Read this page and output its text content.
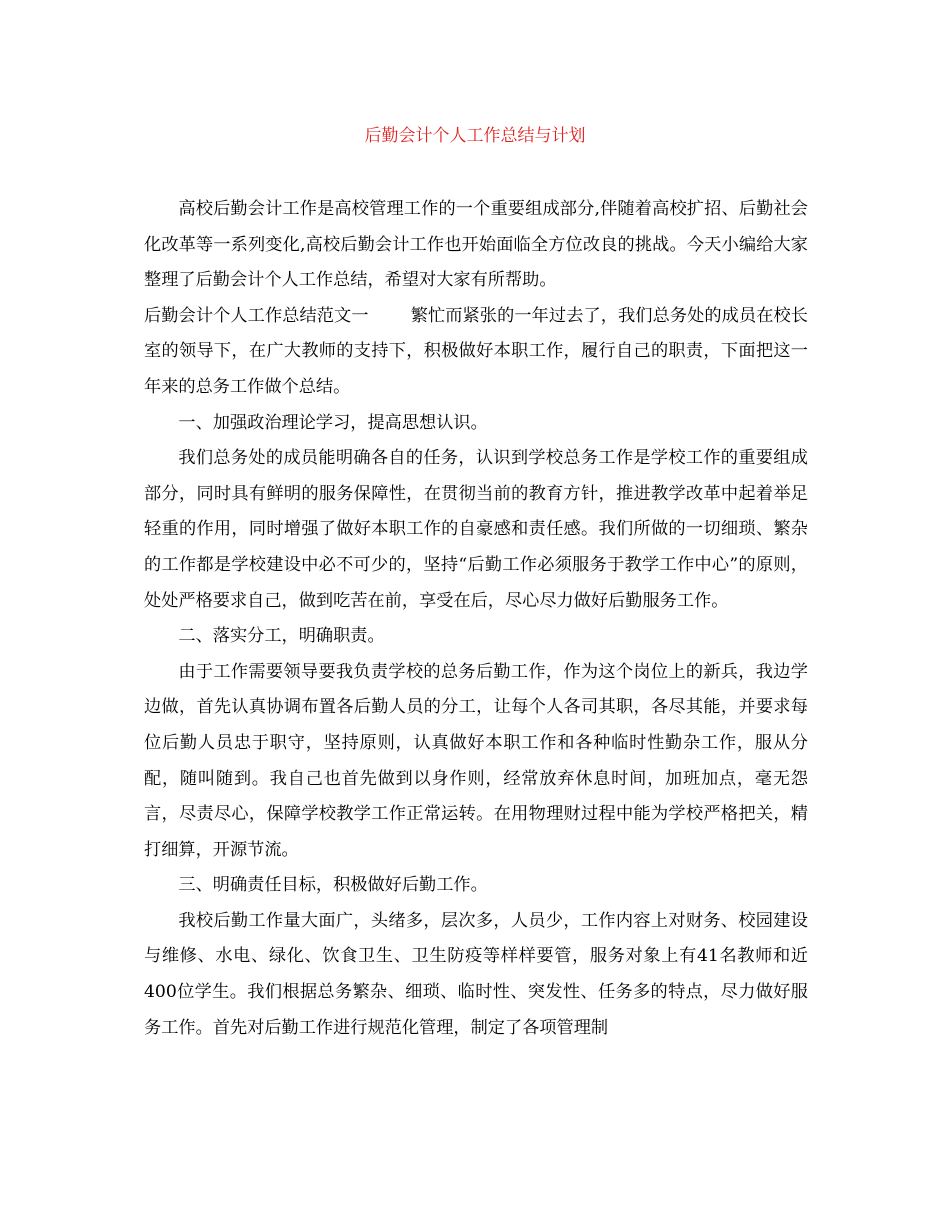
后勤会计个人工作总结与计划

高校后勤会计工作是高校管理工作的一个重要组成部分,伴随着高校扩招、后勤社会化改革等一系列变化,高校后勤会计工作也开始面临全方位改良的挑战。今天小编给大家整理了后勤会计个人工作总结，希望对大家有所帮助。

后勤会计个人工作总结范文一 繁忙而紧张的一年过去了，我们总务处的成员在校长室的领导下，在广大教师的支持下，积极做好本职工作，履行自己的职责，下面把这一年来的总务工作做个总结。

一、加强政治理论学习，提高思想认识。

我们总务处的成员能明确各自的任务，认识到学校总务工作是学校工作的重要组成部分，同时具有鲜明的服务保障性，在贯彻当前的教育方针，推进教学改革中起着举足轻重的作用，同时增强了做好本职工作的自豪感和责任感。我们所做的一切细琐、繁杂的工作都是学校建设中必不可少的，坚持“后勤工作必须服务于教学工作中心”的原则，处处严格要求自己，做到吃苦在前，享受在后，尽心尽力做好后勤服务工作。

二、落实分工，明确职责。

由于工作需要领导要我负责学校的总务后勤工作，作为这个岗位上的新兵，我边学边做，首先认真协调布置各后勤人员的分工，让每个人各司其职，各尽其能，并要求每位后勤人员忠于职守，坚持原则，认真做好本职工作和各种临时性勤杂工作，服从分配，随叫随到。我自己也首先做到以身作则，经常放弃休息时间，加班加点，毫无怨言，尽责尽心，保障学校教学工作正常运转。在用物理财过程中能为学校严格把关，精打细算，开源节流。

三、明确责任目标，积极做好后勤工作。

我校后勤工作量大面广，头绪多，层次多，人员少，工作内容上对财务、校园建设与维修、水电、绿化、饮食卫生、卫生防疫等样样要管，服务对象上有41名教师和近400位学生。我们根据总务繁杂、细琐、临时性、突发性、任务多的特点，尽力做好服务工作。首先对后勤工作进行规范化管理，制定了各项管理制
